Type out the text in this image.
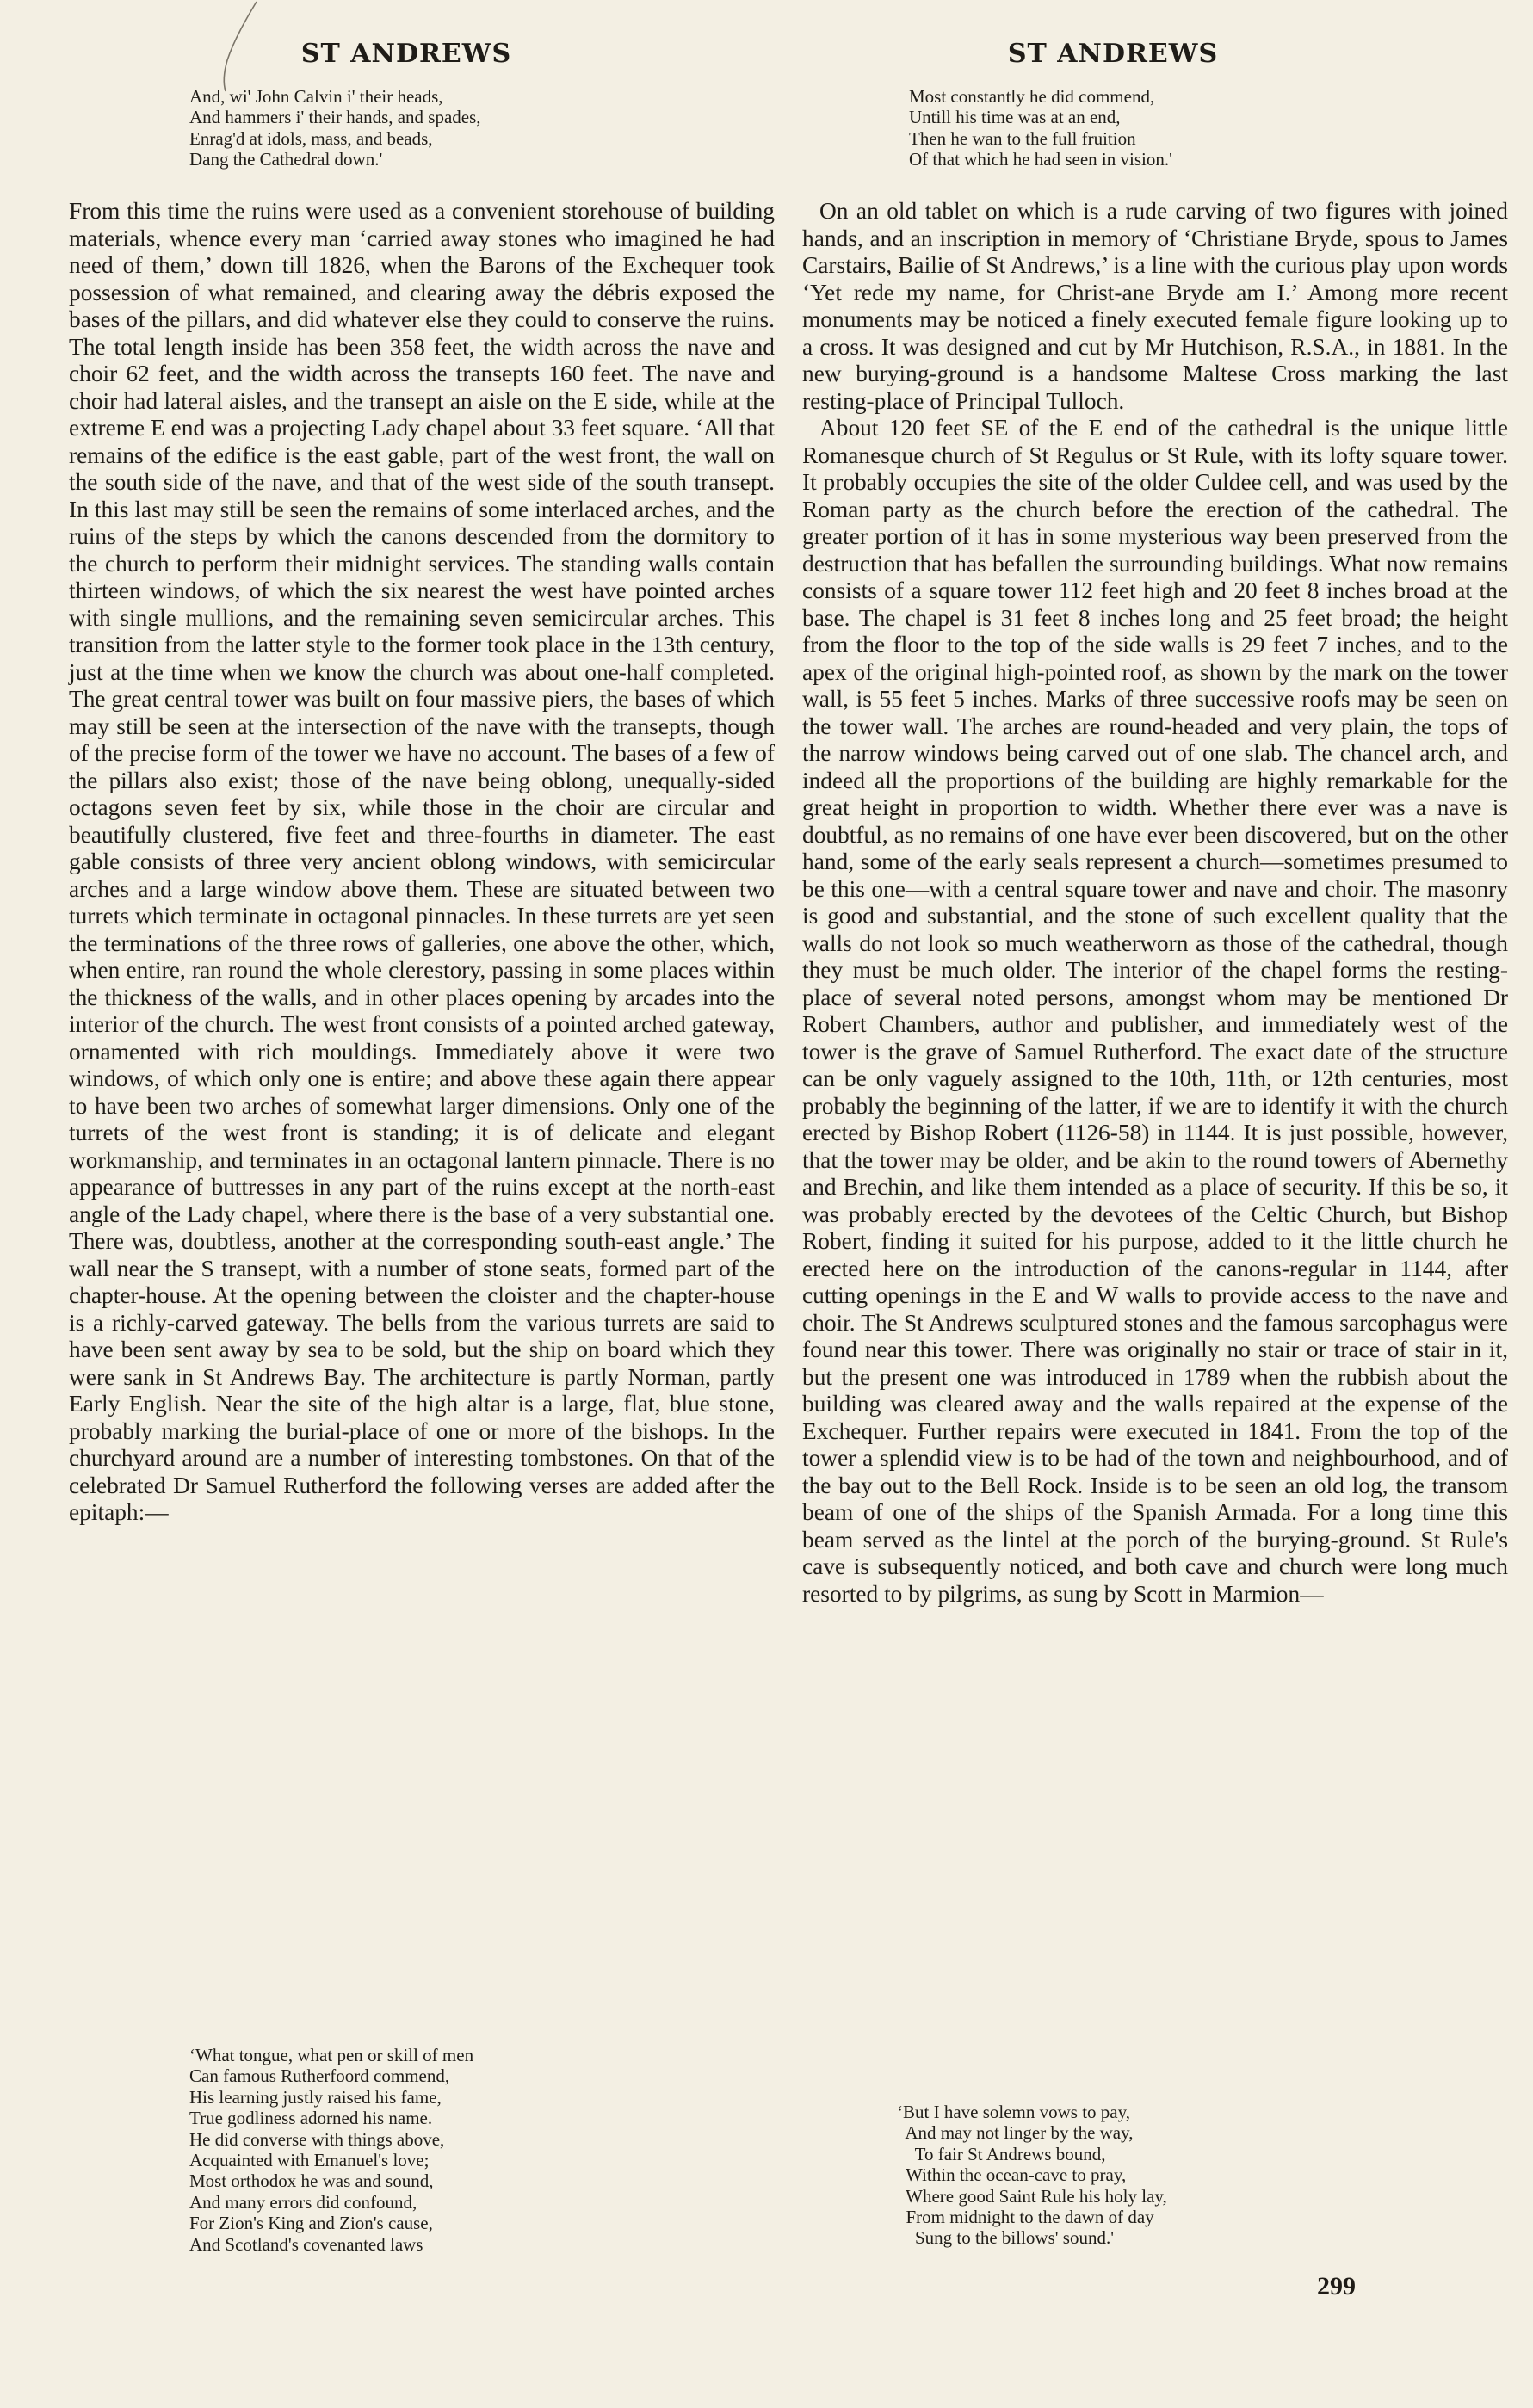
ST ANDREWS	ST ANDREWS
And, wi' John Calvin i' their heads,
And hammers i' their hands, and spades,
Enrag'd at idols, mass, and beads,
Dang the Cathedral down.'

From this time the ruins were used as a convenient storehouse of building materials, whence every man ‘carried away stones who imagined he had need of them,’ down till 1826, when the Barons of the Exchequer took possession of what remained, and clearing away the débris exposed the bases of the pillars, and did whatever else they could to conserve the ruins. The total length inside has been 358 feet, the width across the nave and choir 62 feet, and the width across the transepts 160 feet. The nave and choir had lateral aisles, and the transept an aisle on the E side, while at the extreme E end was a projecting Lady chapel about 33 feet square. ‘All that remains of the edifice is the east gable, part of the west front, the wall on the south side of the nave, and that of the west side of the south transept. In this last may still be seen the remains of some interlaced arches, and the ruins of the steps by which the canons descended from the dormitory to the church to perform their midnight services. The standing walls contain thirteen windows, of which the six nearest the west have pointed arches with single mullions, and the remaining seven semicircular arches. This transition from the latter style to the former took place in the 13th century, just at the time when we know the church was about one-half completed. The great central tower was built on four massive piers, the bases of which may still be seen at the intersection of the nave with the transepts, though of the precise form of the tower we have no account. The bases of a few of the pillars also exist; those of the nave being oblong, unequally-sided octagons seven feet by six, while those in the choir are circular and beautifully clustered, five feet and three-fourths in diameter. The east gable consists of three very ancient oblong windows, with semicircular arches and a large window above them. These are situated between two turrets which terminate in octagonal pinnacles. In these turrets are yet seen the terminations of the three rows of galleries, one above the other, which, when entire, ran round the whole clerestory, passing in some places within the thickness of the walls, and in other places opening by arcades into the interior of the church. The west front consists of a pointed arched gateway, ornamented with rich mouldings. Immediately above it were two windows, of which only one is entire; and above these again there appear to have been two arches of somewhat larger dimensions. Only one of the turrets of the west front is standing; it is of delicate and elegant workmanship, and terminates in an octagonal lantern pinnacle. There is no appearance of buttresses in any part of the ruins except at the north-east angle of the Lady chapel, where there is the base of a very substantial one. There was, doubtless, another at the corresponding south-east angle.’ The wall near the S transept, with a number of stone seats, formed part of the chapter-house. At the opening between the cloister and the chapter-house is a richly-carved gateway. The bells from the various turrets are said to have been sent away by sea to be sold, but the ship on board which they were sank in St Andrews Bay. The architecture is partly Norman, partly Early English. Near the site of the high altar is a large, flat, blue stone, probably marking the burial-place of one or more of the bishops. In the churchyard around are a number of interesting tombstones. On that of the celebrated Dr Samuel Rutherford the following verses are added after the epitaph:—

‘What tongue, what pen or skill of men
Can famous Rutherfoord commend,
His learning justly raised his fame,
True godliness adorned his name.
He did converse with things above,
Acquainted with Emanuel's love;
Most orthodox he was and sound,
And many errors did confound,
For Zion's King and Zion's cause,
And Scotland's covenanted laws
Most constantly he did commend,
Untill his time was at an end,
Then he wan to the full fruition
Of that which he had seen in vision.'

On an old tablet on which is a rude carving of two figures with joined hands, and an inscription in memory of ‘Christiane Bryde, spous to James Carstairs, Bailie of St Andrews,’ is a line with the curious play upon words ‘Yet rede my name, for Christ-ane Bryde am I.’ Among more recent monuments may be noticed a finely executed female figure looking up to a cross. It was designed and cut by Mr Hutchison, R.S.A., in 1881. In the new burying-ground is a handsome Maltese Cross marking the last resting-place of Principal Tulloch.

About 120 feet SE of the E end of the cathedral is the unique little Romanesque church of St Regulus or St Rule, with its lofty square tower. It probably occupies the site of the older Culdee cell, and was used by the Roman party as the church before the erection of the cathedral. The greater portion of it has in some mysterious way been preserved from the destruction that has befallen the surrounding buildings. What now remains consists of a square tower 112 feet high and 20 feet 8 inches broad at the base. The chapel is 31 feet 8 inches long and 25 feet broad; the height from the floor to the top of the side walls is 29 feet 7 inches, and to the apex of the original high-pointed roof, as shown by the mark on the tower wall, is 55 feet 5 inches. Marks of three successive roofs may be seen on the tower wall. The arches are round-headed and very plain, the tops of the narrow windows being carved out of one slab. The chancel arch, and indeed all the proportions of the building are highly remarkable for the great height in proportion to width. Whether there ever was a nave is doubtful, as no remains of one have ever been discovered, but on the other hand, some of the early seals represent a church—sometimes presumed to be this one—with a central square tower and nave and choir. The masonry is good and substantial, and the stone of such excellent quality that the walls do not look so much weatherworn as those of the cathedral, though they must be much older. The interior of the chapel forms the resting-place of several noted persons, amongst whom may be mentioned Dr Robert Chambers, author and publisher, and immediately west of the tower is the grave of Samuel Rutherford. The exact date of the structure can be only vaguely assigned to the 10th, 11th, or 12th centuries, most probably the beginning of the latter, if we are to identify it with the church erected by Bishop Robert (1126-58) in 1144. It is just possible, however, that the tower may be older, and be akin to the round towers of Abernethy and Brechin, and like them intended as a place of security. If this be so, it was probably erected by the devotees of the Celtic Church, but Bishop Robert, finding it suited for his purpose, added to it the little church he erected here on the introduction of the canons-regular in 1144, after cutting openings in the E and W walls to provide access to the nave and choir. The St Andrews sculptured stones and the famous sarcophagus were found near this tower. There was originally no stair or trace of stair in it, but the present one was introduced in 1789 when the rubbish about the building was cleared away and the walls repaired at the expense of the Exchequer. Further repairs were executed in 1841. From the top of the tower a splendid view is to be had of the town and neighbourhood, and of the bay out to the Bell Rock. Inside is to be seen an old log, the transom beam of one of the ships of the Spanish Armada. For a long time this beam served as the lintel at the porch of the burying-ground. St Rule's cave is subsequently noticed, and both cave and church were long much resorted to by pilgrims, as sung by Scott in Marmion—

‘But I have solemn vows to pay,
And may not linger by the way,
To fair St Andrews bound,
Within the ocean-cave to pray,
Where good Saint Rule his holy lay,
From midnight to the dawn of day
Sung to the billows' sound.'
299
